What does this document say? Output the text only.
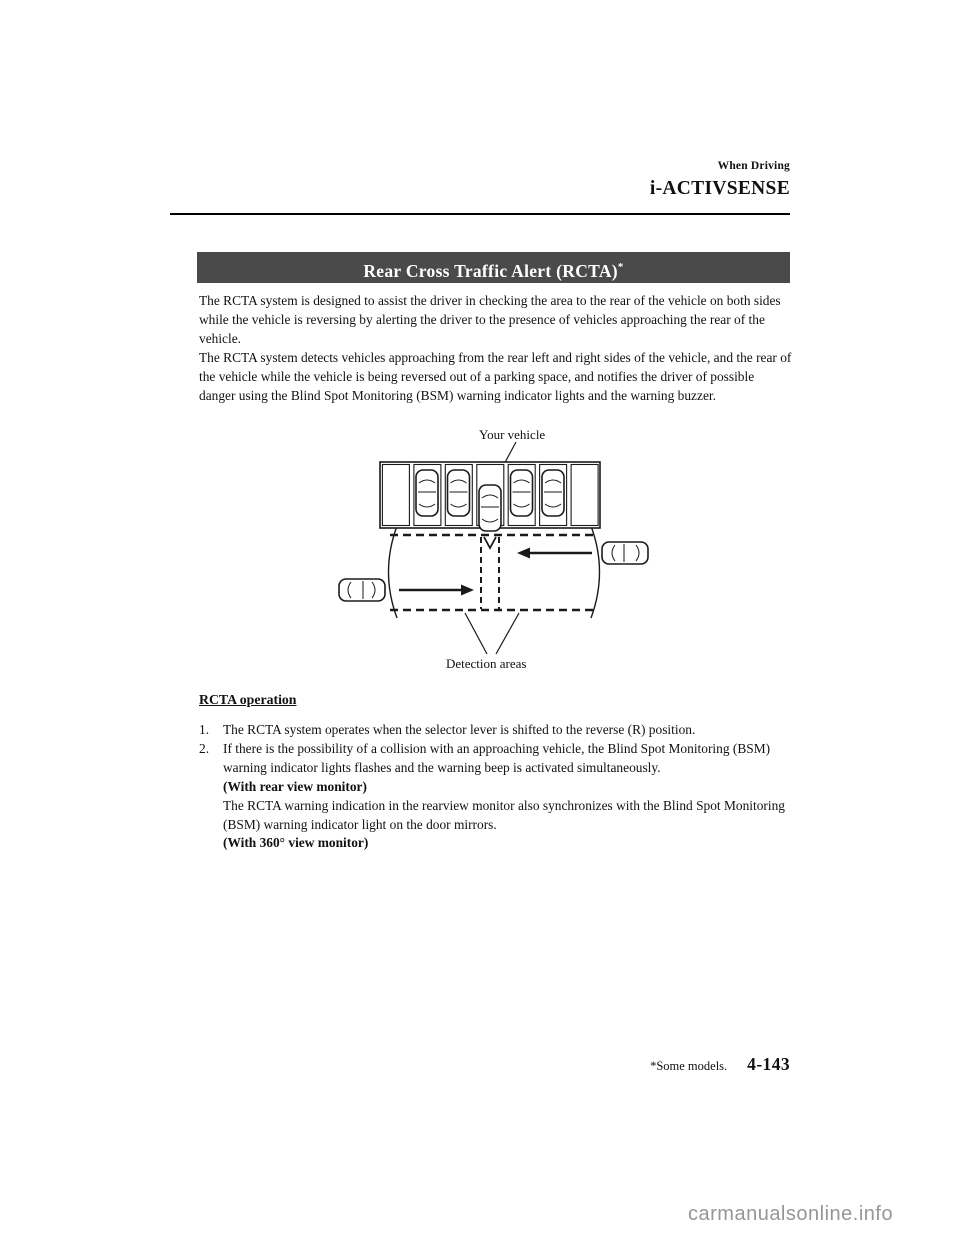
When Driving
i-ACTIVSENSE
Rear Cross Traffic Alert (RCTA)*

The RCTA system is designed to assist the driver in checking the area to the rear of the vehicle on both sides while the vehicle is reversing by alerting the driver to the presence of vehicles approaching the rear of the vehicle.

The RCTA system detects vehicles approaching from the rear left and right sides of the vehicle, and the rear of the vehicle while the vehicle is being reversed out of a parking space, and notifies the driver of possible danger using the Blind Spot Monitoring (BSM) warning indicator lights and the warning buzzer.

Your vehicle
Detection areas
RCTA operation
1.	The RCTA system operates when the selector lever is shifted to the reverse (R) position.
2.	If there is the possibility of a collision with an approaching vehicle, the Blind Spot Monitoring (BSM) warning indicator lights flashes and the warning beep is activated simultaneously.
(With rear view monitor)
The RCTA warning indication in the rearview monitor also synchronizes with the Blind Spot Monitoring (BSM) warning indicator light on the door mirrors.
(With 360° view monitor)
*Some models. 4-143
carmanualsonline.info
